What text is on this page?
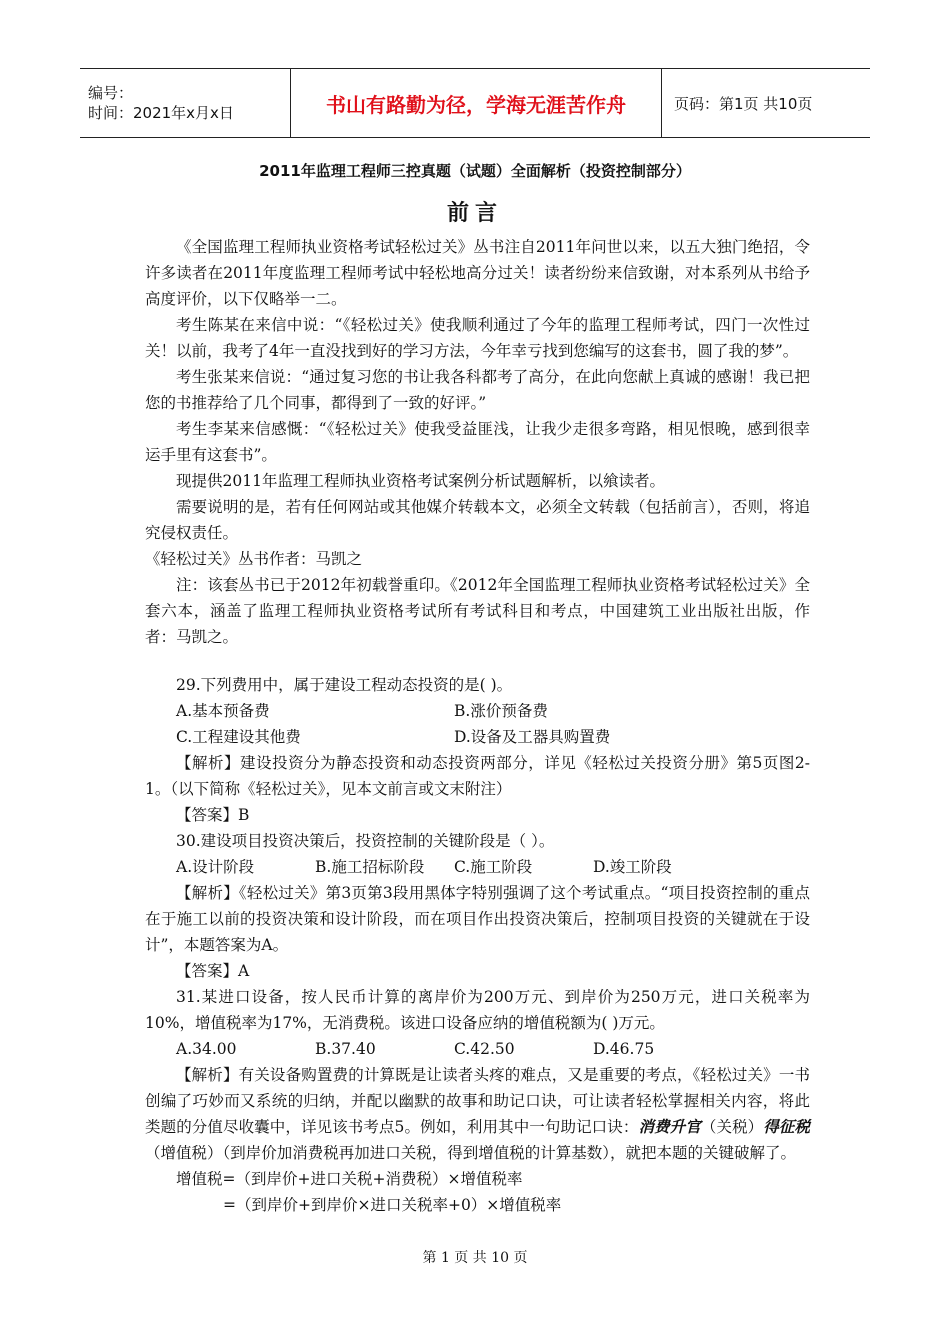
编号：
时间：2021年x月x日	书山有路勤为径，学海无涯苦作舟	页码：第1页 共10页
2011年监理工程师三控真题（试题）全面解析（投资控制部分）
前言

《全国监理工程师执业资格考试轻松过关》丛书注自2011年问世以来，以五大独门绝招，令许多读者在2011年度监理工程师考试中轻松地高分过关！读者纷纷来信致谢，对本系列从书给予高度评价，以下仅略举一二。

考生陈某在来信中说：“《轻松过关》使我顺利通过了今年的监理工程师考试，四门一次性过关！以前，我考了4年一直没找到好的学习方法，今年幸亏找到您编写的这套书，圆了我的梦”。

考生张某来信说：“通过复习您的书让我各科都考了高分，在此向您献上真诚的感谢！我已把您的书推荐给了几个同事，都得到了一致的好评。”

考生李某来信感慨：“《轻松过关》使我受益匪浅，让我少走很多弯路，相见恨晚，感到很幸运手里有这套书”。

现提供2011年监理工程师执业资格考试案例分析试题解析，以飨读者。

需要说明的是，若有任何网站或其他媒介转载本文，必须全文转载（包括前言），否则，将追究侵权责任。

《轻松过关》丛书作者：马凯之

注：该套丛书已于2012年初载誉重印。《2012年全国监理工程师执业资格考试轻松过关》全套六本，涵盖了监理工程师执业资格考试所有考试科目和考点，中国建筑工业出版社出版，作者：马凯之。

29.下列费用中，属于建设工程动态投资的是( )。

A.基本预备费	B.涨价预备费
C.工程建设其他费	D.设备及工器具购置费

【解析】建设投资分为静态投资和动态投资两部分，详见《轻松过关投资分册》第5页图2-1。（以下简称《轻松过关》，见本文前言或文末附注）

【答案】B

30.建设项目投资决策后，投资控制的关键阶段是（ ）。

A.设计阶段	B.施工招标阶段	C.施工阶段	D.竣工阶段

【解析】《轻松过关》第3页第3段用黑体字特别强调了这个考试重点。“项目投资控制的重点在于施工以前的投资决策和设计阶段，而在项目作出投资决策后，控制项目投资的关键就在于设计”，本题答案为A。

【答案】A

31.某进口设备，按人民币计算的离岸价为200万元、到岸价为250万元，进口关税率为10%，增值税率为17%，无消费税。该进口设备应纳的增值税额为( )万元。

A.34.00	B.37.40	C.42.50	D.46.75

【解析】有关设备购置费的计算既是让读者头疼的难点，又是重要的考点，《轻松过关》一书创编了巧妙而又系统的归纳，并配以幽默的故事和助记口诀，可让读者轻松掌握相关内容，将此类题的分值尽收囊中，详见该书考点5。例如，利用其中一句助记口诀：消费升官（关税）得征税（增值税）（到岸价加消费税再加进口关税，得到增值税的计算基数），就把本题的关键破解了。

增值税=（到岸价+进口关税+消费税）×增值税率

=（到岸价+到岸价×进口关税率+0）×增值税率

第 1 页 共 10 页
